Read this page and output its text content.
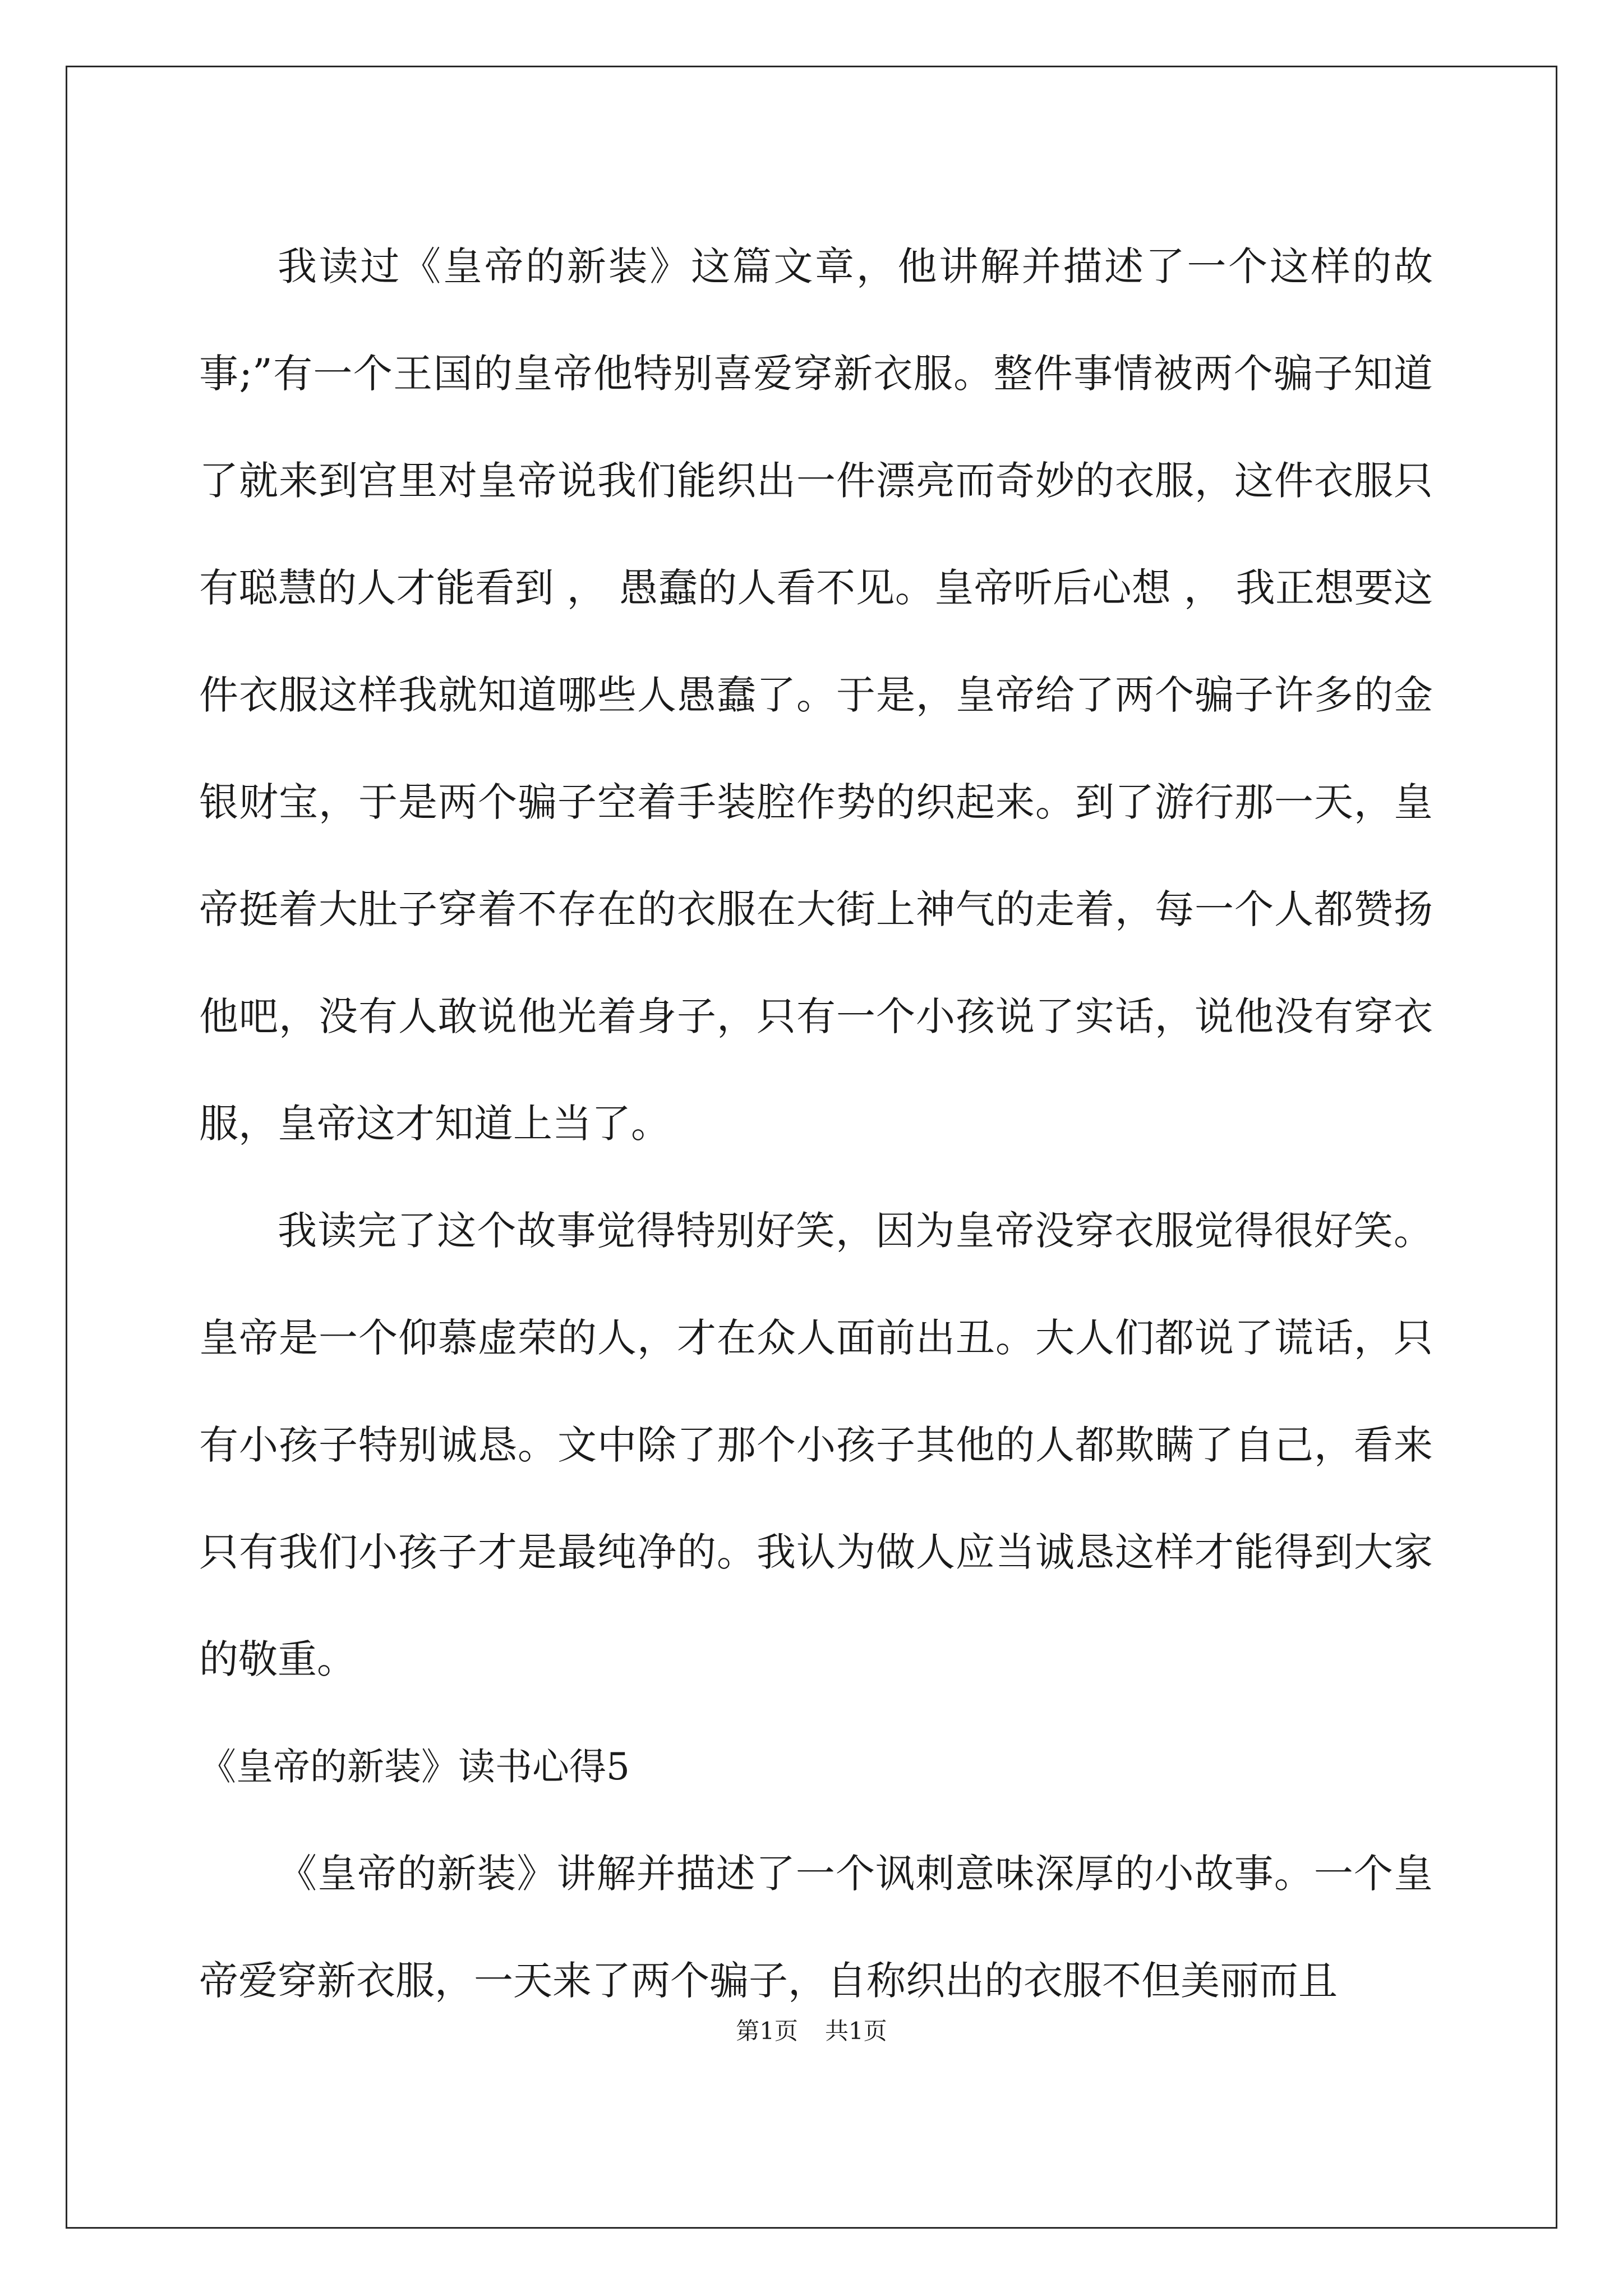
我读过《皇帝的新装》这篇文章，他讲解并描述了一个这样的故事;”有一个王国的皇帝他特别喜爱穿新衣服。整件事情被两个骗子知道了就来到宫里对皇帝说我们能织出一件漂亮而奇妙的衣服，这件衣服只有聪慧的人才能看到 ， 愚蠢的人看不见。皇帝听后心想 ， 我正想要这件衣服这样我就知道哪些人愚蠢了。于是，皇帝给了两个骗子许多的金银财宝，于是两个骗子空着手装腔作势的织起来。到了游行那一天，皇帝挺着大肚子穿着不存在的衣服在大街上神气的走着，每一个人都赞扬他吧，没有人敢说他光着身子，只有一个小孩说了实话，说他没有穿衣服，皇帝这才知道上当了。

我读完了这个故事觉得特别好笑，因为皇帝没穿衣服觉得很好笑。皇帝是一个仰慕虚荣的人，才在众人面前出丑。大人们都说了谎话，只有小孩子特别诚恳。文中除了那个小孩子其他的人都欺瞒了自己，看来只有我们小孩子才是最纯净的。我认为做人应当诚恳这样才能得到大家的敬重。

《皇帝的新装》读书心得5

《皇帝的新装》讲解并描述了一个讽刺意味深厚的小故事。一个皇帝爱穿新衣服，一天来了两个骗子，自称织出的衣服不但美丽而且

第1页 共1页
